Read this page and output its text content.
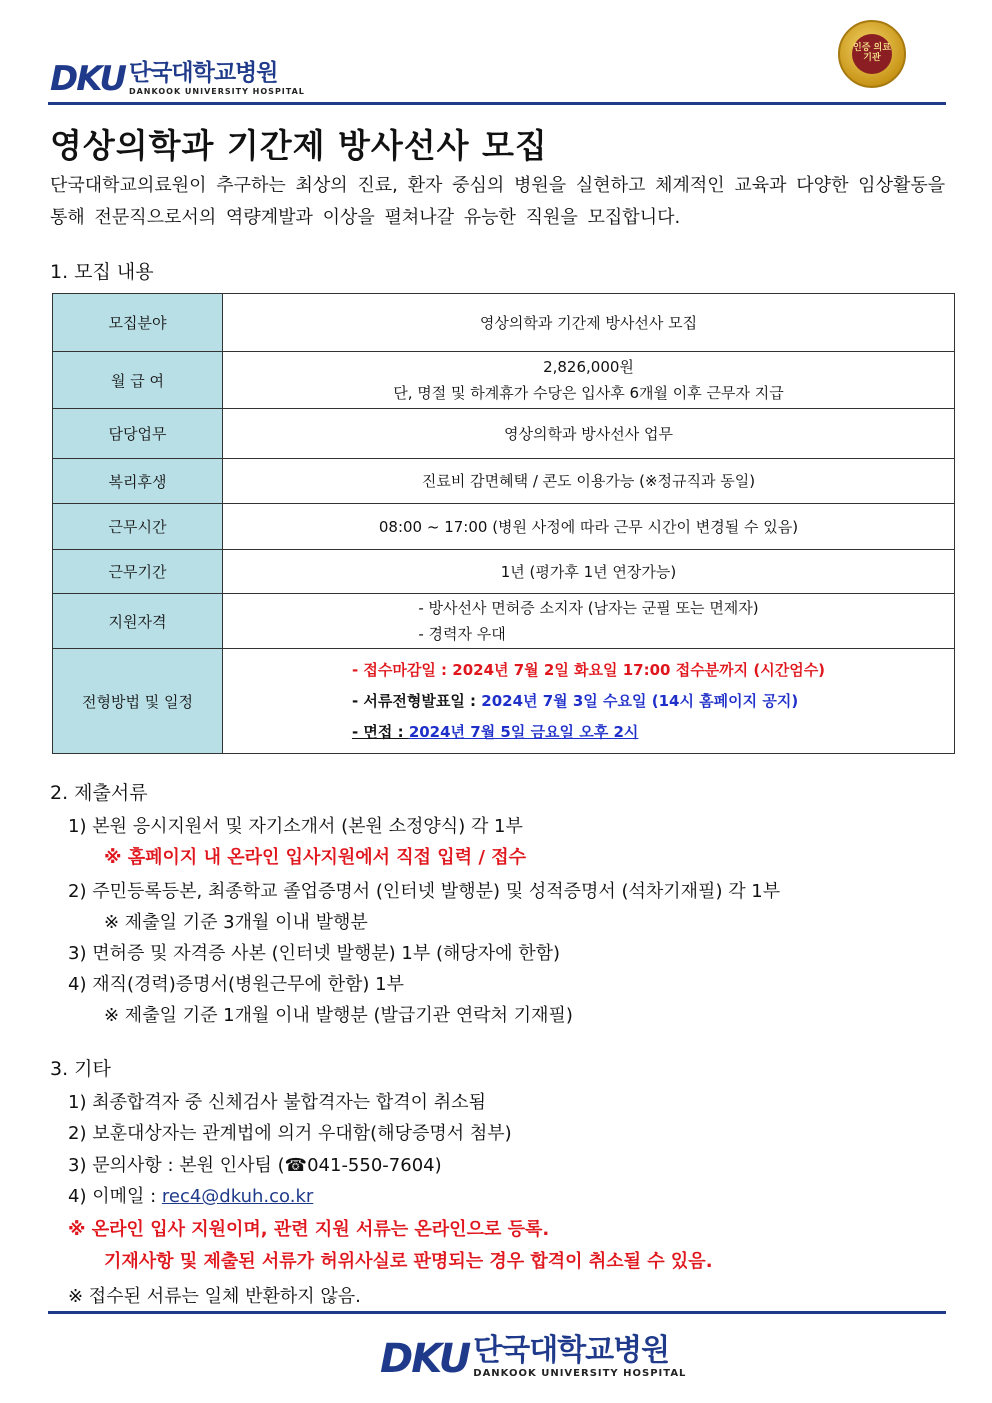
DKU 단국대학교병원
DANKOOK UNIVERSITY HOSPITAL
인증 의료기관
영상의학과 기간제 방사선사 모집
단국대학교의료원이 추구하는 최상의 진료, 환자 중심의 병원을 실현하고 체계적인 교육과 다양한 임상활동을 통해 전문직으로서의 역량계발과 이상을 펼쳐나갈 유능한 직원을 모집합니다.
1. 모집 내용
모집분야	영상의학과 기간제 방사선사 모집
월 급 여	2,826,000원
단, 명절 및 하계휴가 수당은 입사후 6개월 이후 근무자 지급

담당업무	영상의학과 방사선사 업무
복리후생	진료비 감면혜택 / 콘도 이용가능 (※정규직과 동일)
근무시간	08:00 ~ 17:00 (병원 사정에 따라 근무 시간이 변경될 수 있음)
근무기간	1년 (평가후 1년 연장가능)
지원자격	- 방사선사 면허증 소지자 (남자는 군필 또는 면제자)
- 경력자 우대

전형방법 및 일정	- 접수마감일 : 2024년 7월 2일 화요일 17:00 접수분까지 (시간엄수)
- 서류전형발표일 : 2024년 7월 3일 수요일 (14시 홈페이지 공지)
- 면접 : 2024년 7월 5일 금요일 오후 2시
2. 제출서류
1) 본원 응시지원서 및 자기소개서 (본원 소정양식) 각 1부
※ 홈페이지 내 온라인 입사지원에서 직접 입력 / 접수
2) 주민등록등본, 최종학교 졸업증명서 (인터넷 발행분) 및 성적증명서 (석차기재필) 각 1부
※ 제출일 기준 3개월 이내 발행분
3) 면허증 및 자격증 사본 (인터넷 발행분) 1부 (해당자에 한함)
4) 재직(경력)증명서(병원근무에 한함) 1부
※ 제출일 기준 1개월 이내 발행분 (발급기관 연락처 기재필)
3. 기타
1) 최종합격자 중 신체검사 불합격자는 합격이 취소됨
2) 보훈대상자는 관계법에 의거 우대함(해당증명서 첨부)
3) 문의사항 : 본원 인사팀 (☎041-550-7604)
4) 이메일 : rec4@dkuh.co.kr
※ 온라인 입사 지원이며, 관련 지원 서류는 온라인으로 등록.
기재사항 및 제출된 서류가 허위사실로 판명되는 경우 합격이 취소될 수 있음.
※ 접수된 서류는 일체 반환하지 않음.
DKU 단국대학교병원
DANKOOK UNIVERSITY HOSPITAL
